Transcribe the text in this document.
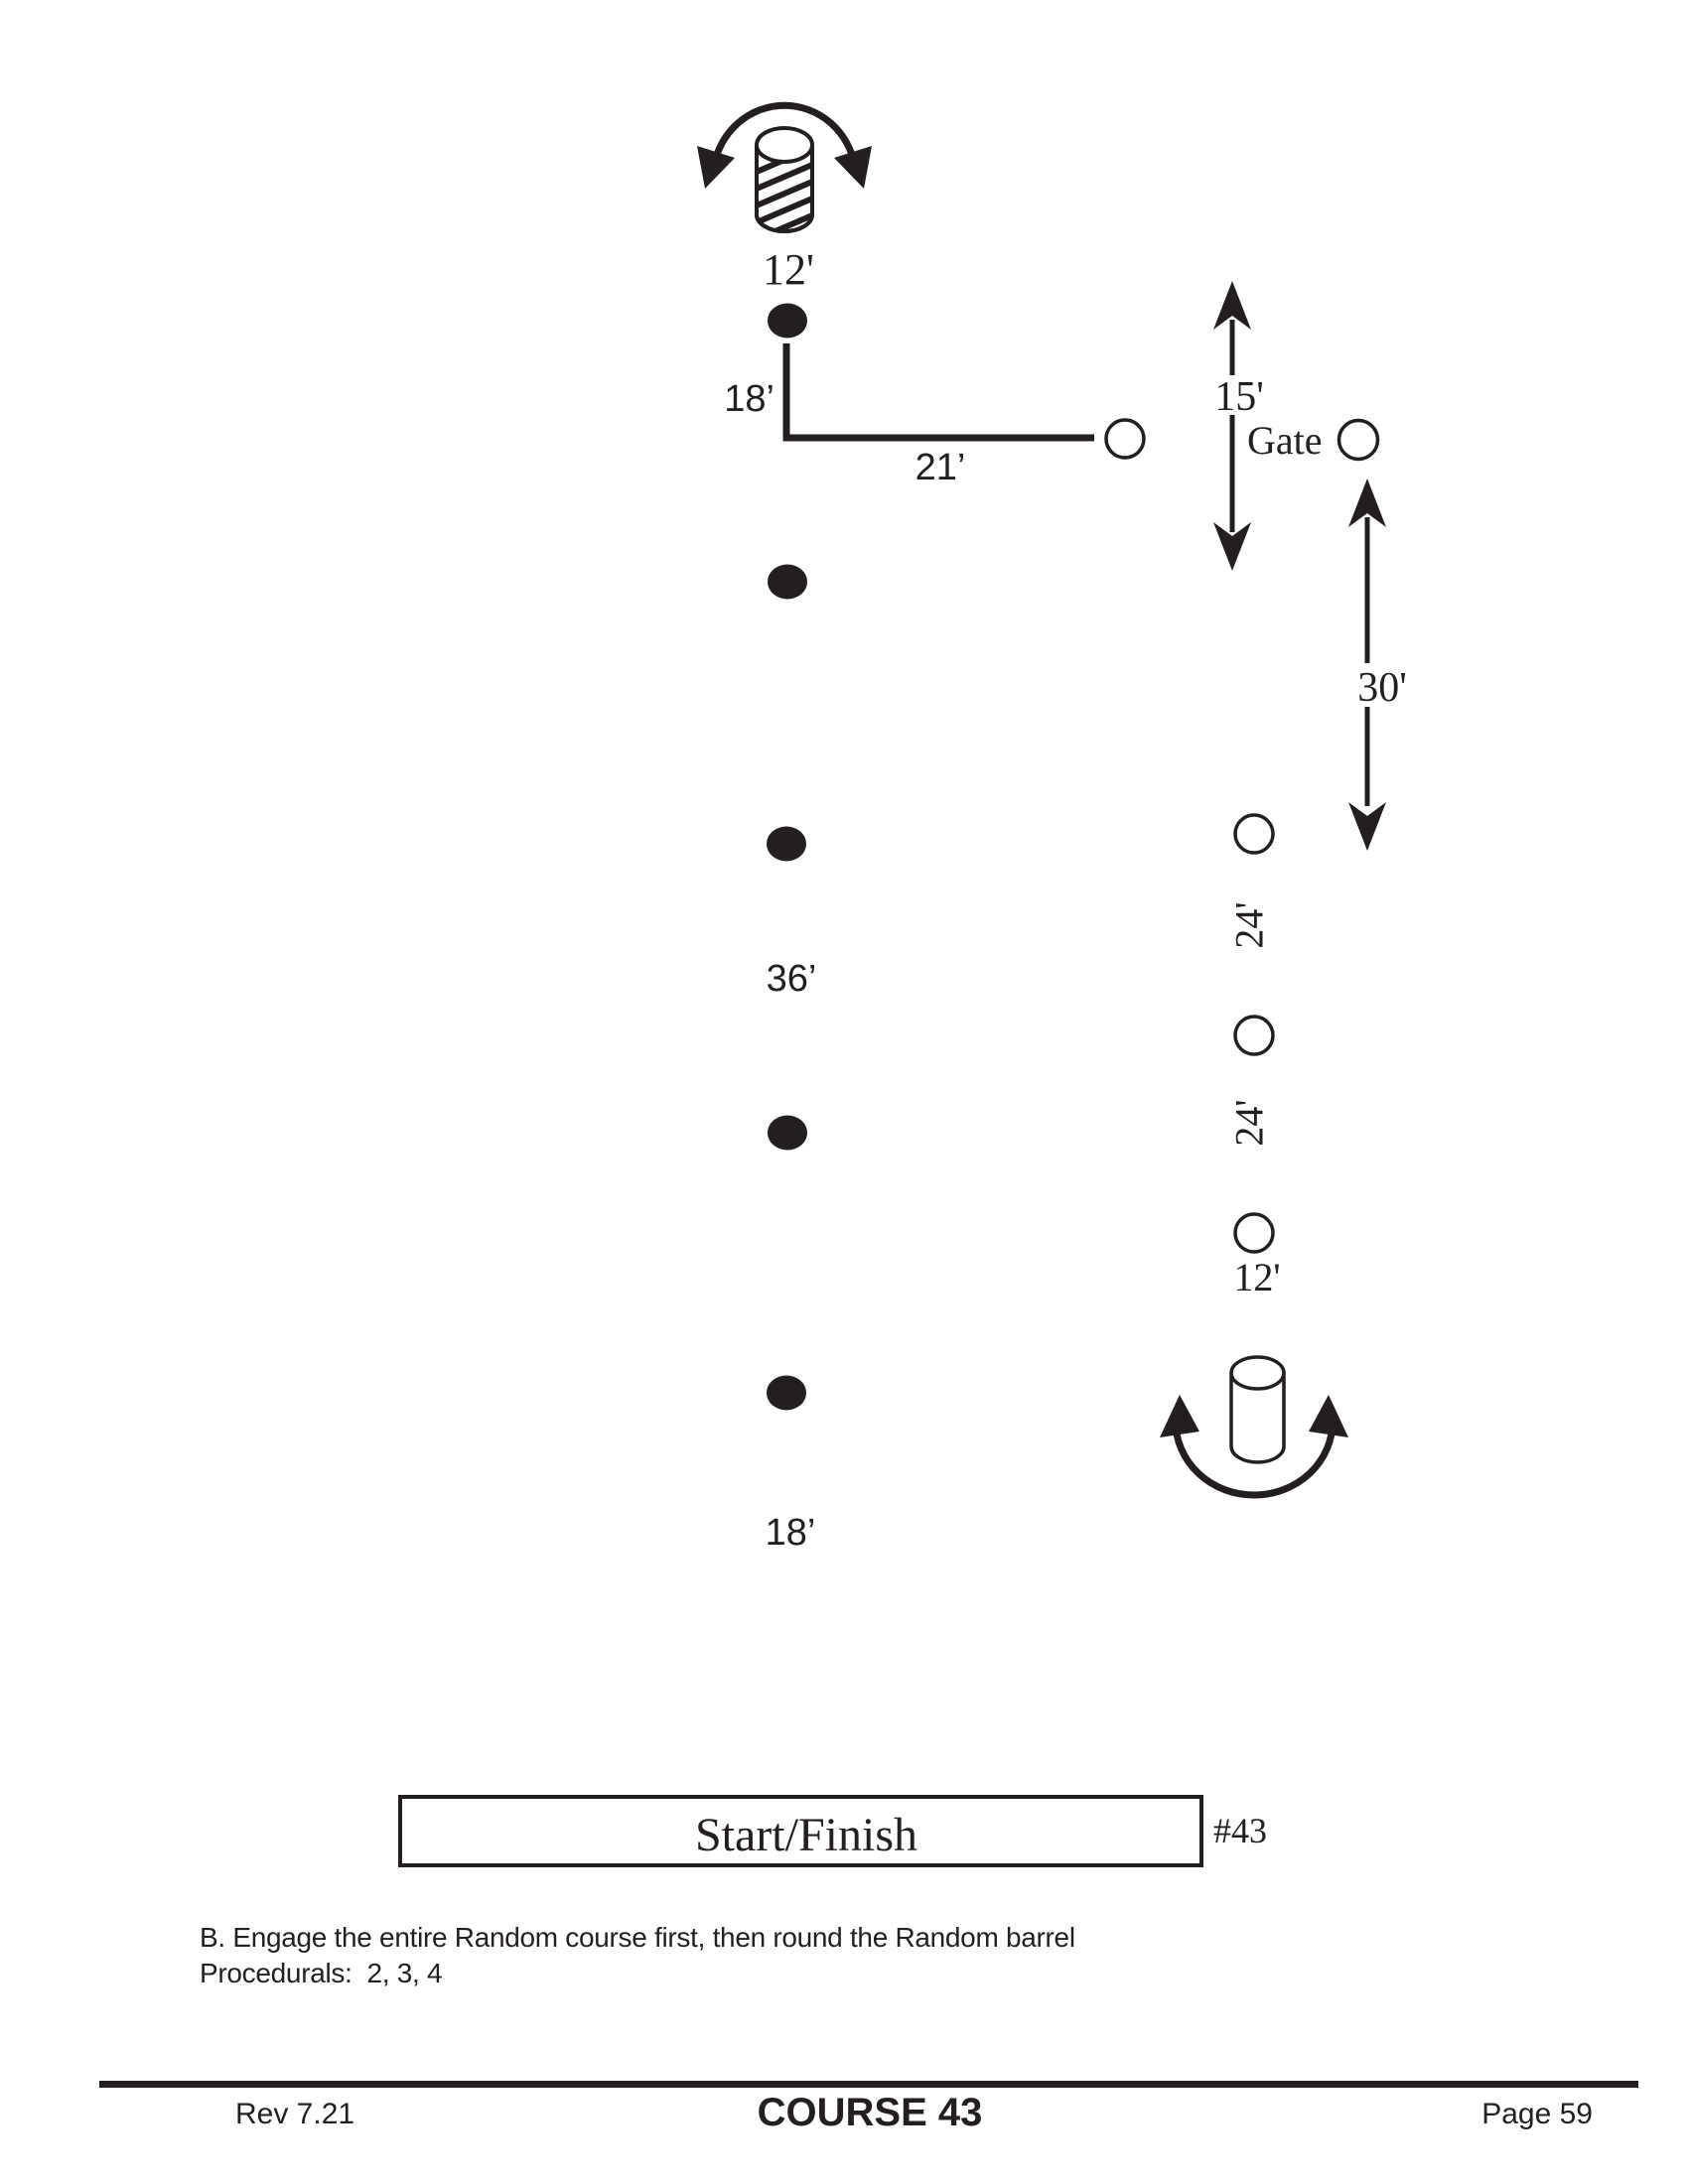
12'
18’
21’
15'
Gate
30'
24'
24'
12'
36’
18’
Start/Finish	#43
B. Engage the entire Random course first, then round the Random barrel
Procedurals:  2, 3, 4
Rev 7.21	COURSE 43	Page 59
